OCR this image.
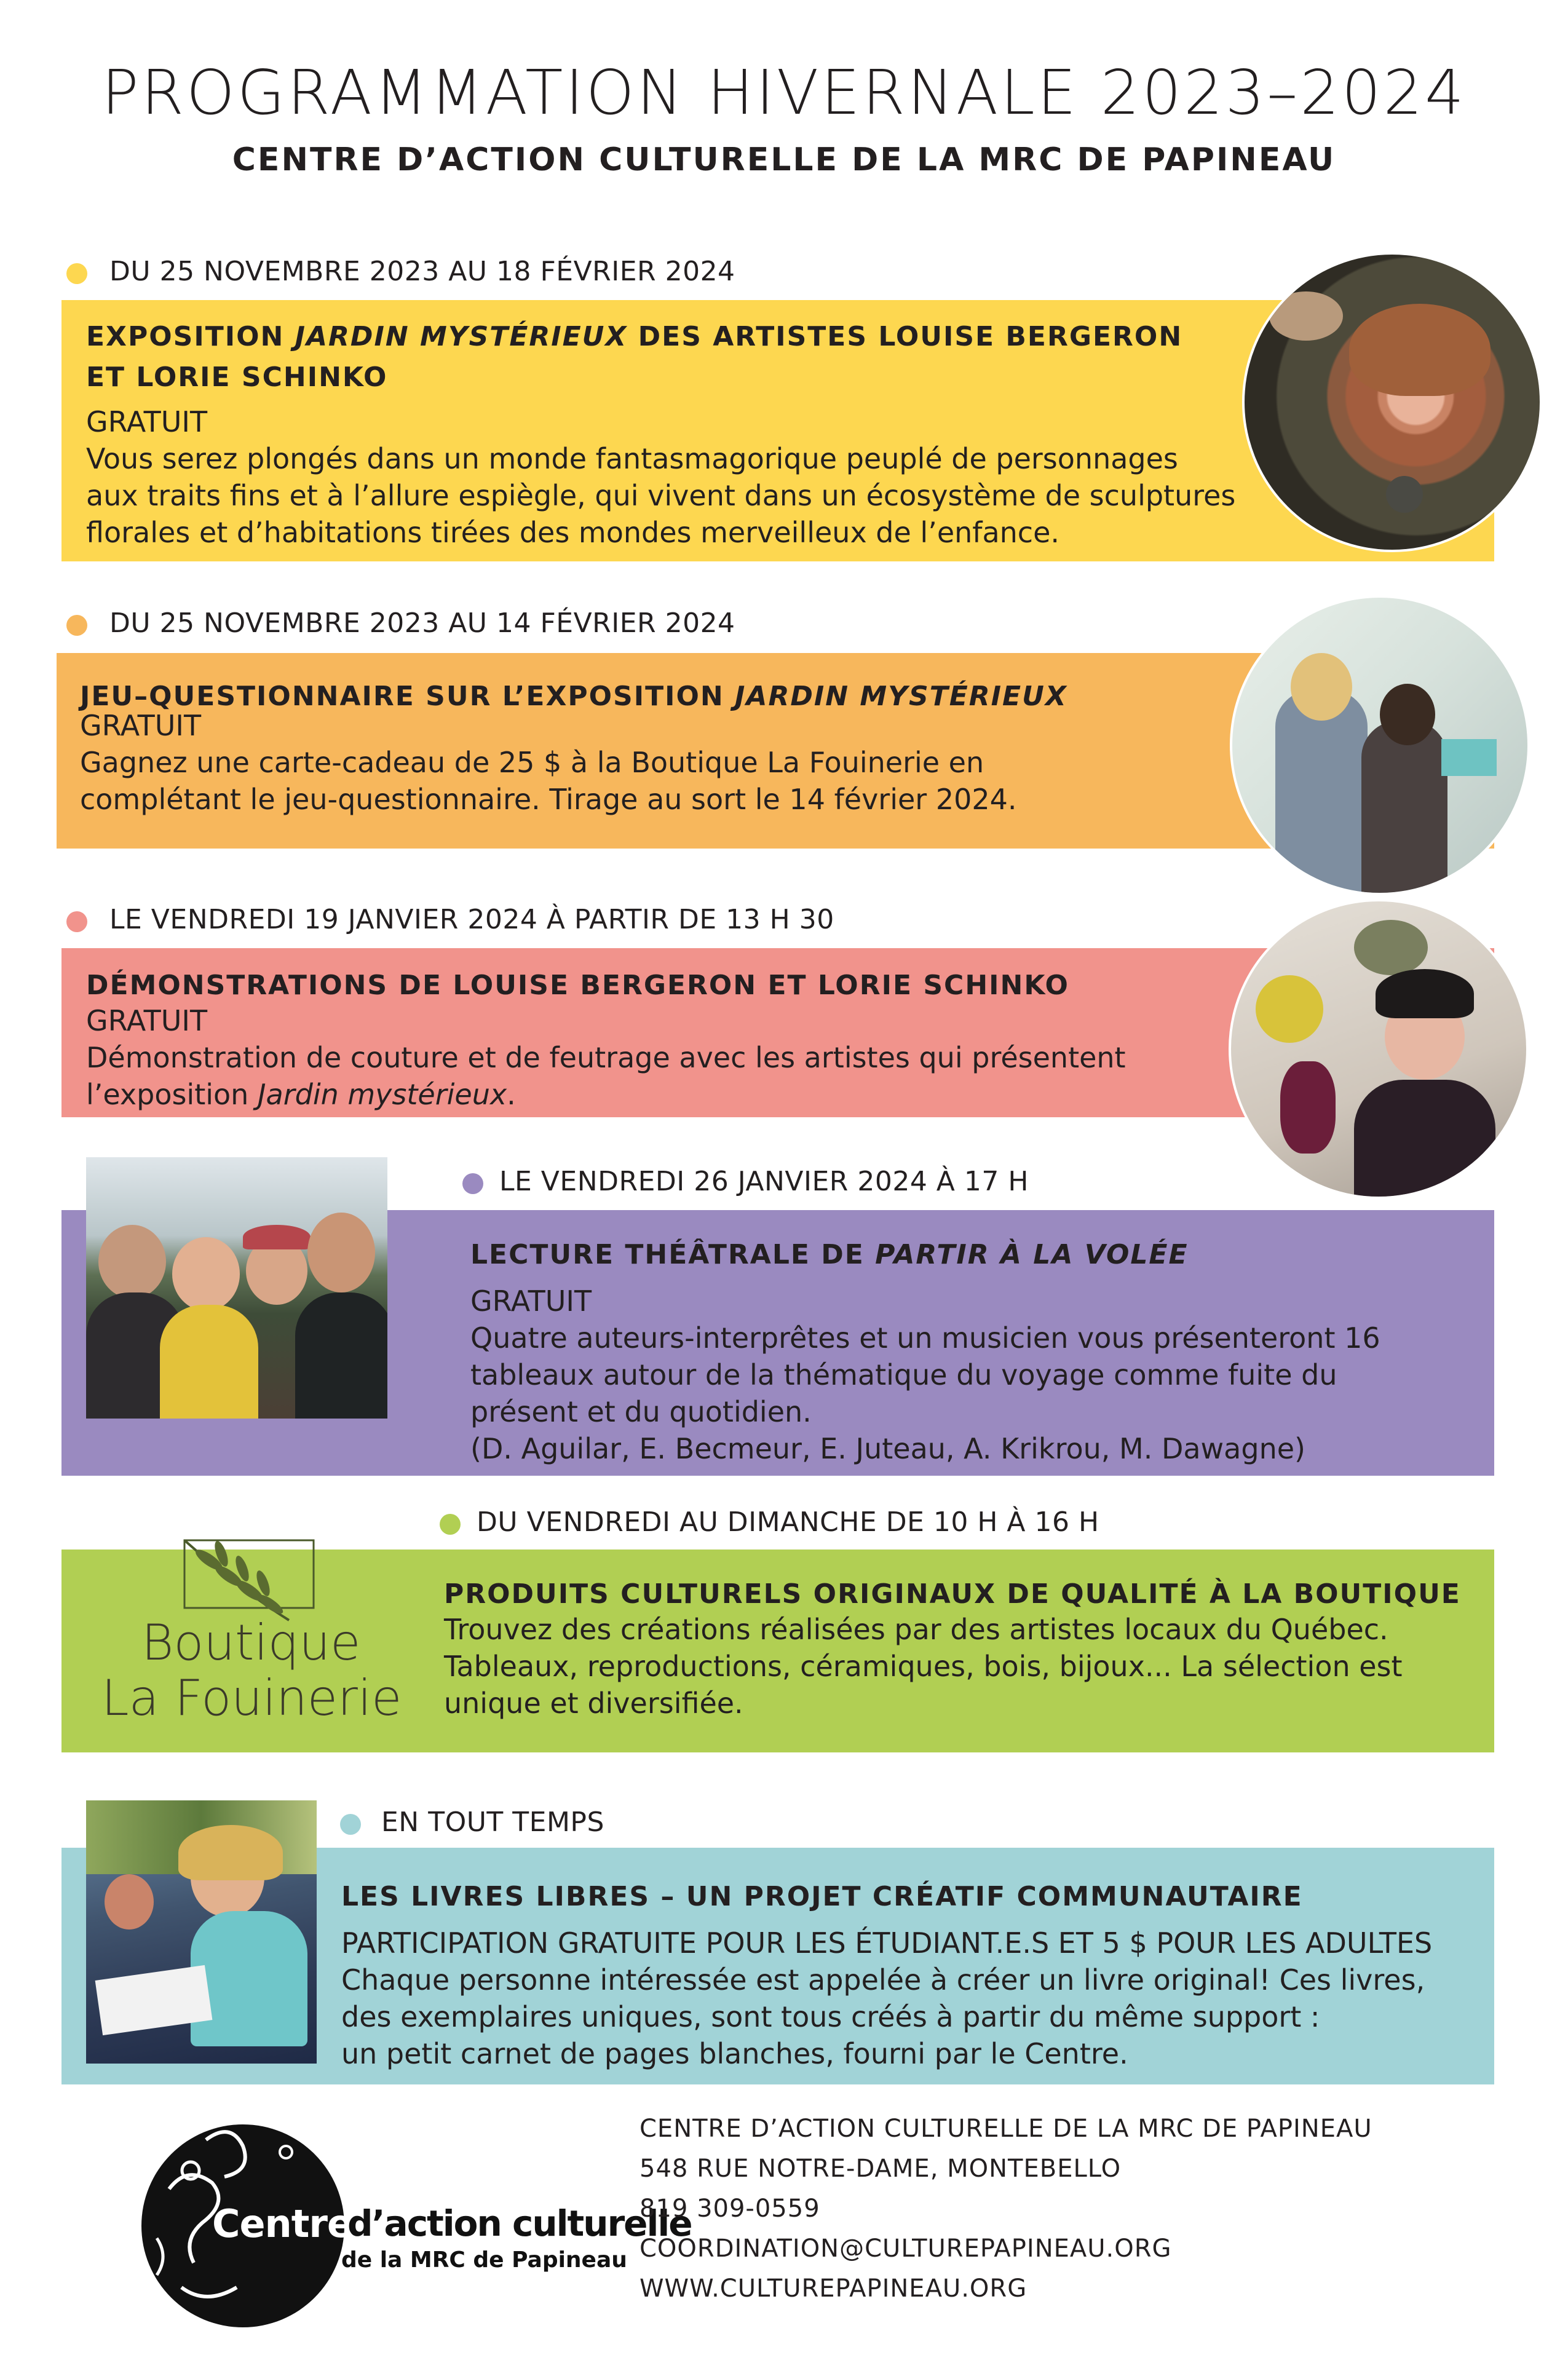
PROGRAMMATION HIVERNALE 2023–2024
CENTRE D’ACTION CULTURELLE DE LA MRC DE PAPINEAU
DU 25 NOVEMBRE 2023 AU 18 FÉVRIER 2024
EXPOSITION JARDIN MYSTÉRIEUX DES ARTISTES LOUISE BERGERON
ET LORIE SCHINKO
GRATUIT
Vous serez plongés dans un monde fantasmagorique peuplé de personnages
aux traits fins et à l’allure espiègle, qui vivent dans un écosystème de sculptures
florales et d’habitations tirées des mondes merveilleux de l’enfance.
DU 25 NOVEMBRE 2023 AU 14 FÉVRIER 2024
JEU–QUESTIONNAIRE SUR L’EXPOSITION JARDIN MYSTÉRIEUX
GRATUIT
Gagnez une carte-cadeau de 25 $ à la Boutique La Fouinerie en
complétant le jeu-questionnaire. Tirage au sort le 14 février 2024.
LE VENDREDI 19 JANVIER 2024 À PARTIR DE 13 H 30
DÉMONSTRATIONS DE LOUISE BERGERON ET LORIE SCHINKO
GRATUIT
Démonstration de couture et de feutrage avec les artistes qui présentent
l’exposition Jardin mystérieux.
LE VENDREDI 26 JANVIER 2024 À 17 H
LECTURE THÉÂTRALE DE PARTIR À LA VOLÉE
GRATUIT
Quatre auteurs-interprêtes et un musicien vous présenteront 16
tableaux autour de la thématique du voyage comme fuite du
présent et du quotidien.
(D. Aguilar, E. Becmeur, E. Juteau, A. Krikrou, M. Dawagne)
DU VENDREDI AU DIMANCHE DE 10 H À 16 H
Boutique
La Fouinerie
PRODUITS CULTURELS ORIGINAUX DE QUALITÉ À LA BOUTIQUE
Trouvez des créations réalisées par des artistes locaux du Québec.
Tableaux, reproductions, céramiques, bois, bijoux... La sélection est
unique et diversifiée.
EN TOUT TEMPS
LES LIVRES LIBRES – UN PROJET CRÉATIF COMMUNAUTAIRE
PARTICIPATION GRATUITE POUR LES ÉTUDIANT.E.S ET 5 $ POUR LES ADULTES
Chaque personne intéressée est appelée à créer un livre original! Ces livres,
des exemplaires uniques, sont tous créés à partir du même support :
un petit carnet de pages blanches, fourni par le Centre.
Centre
d’action culturelle
de la MRC de Papineau
CENTRE D’ACTION CULTURELLE DE LA MRC DE PAPINEAU
548 RUE NOTRE-DAME, MONTEBELLO
819 309-0559
COORDINATION@CULTUREPAPINEAU.ORG
WWW.CULTUREPAPINEAU.ORG
